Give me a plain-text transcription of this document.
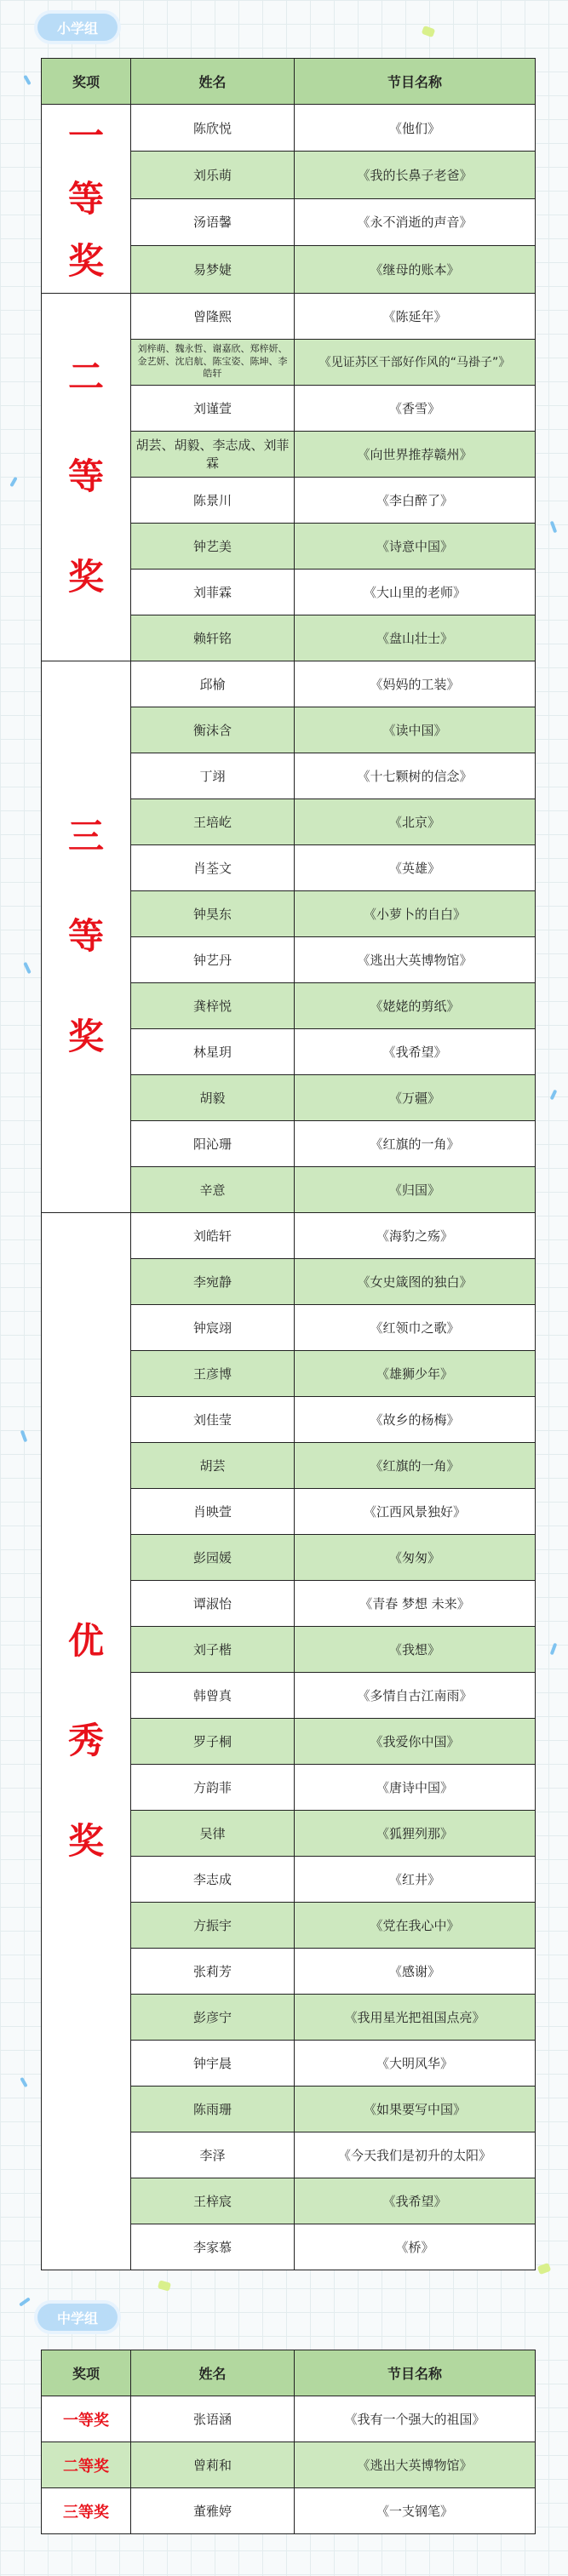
小学组
奖项	姓名	节目名称

一
等
奖	陈欣悦	《他们》
	刘乐萌	《我的长鼻子老爸》
	汤语馨	《永不消逝的声音》
	易梦婕	《继母的账本》

二
等
奖	曾隆熙	《陈延年》
	刘梓萌、魏永哲、谢嘉欣、郑梓妍、金艺妍、沈启航、陈宝姿、陈坤、李皓轩	《见证苏区干部好作风的“马褂子”》
	刘谨萱	《香雪》
	胡芸、胡毅、李志成、刘菲霖	《向世界推荐赣州》
	陈景川	《李白醉了》
	钟艺美	《诗意中国》
	刘菲霖	《大山里的老师》
	赖轩铭	《盘山壮士》

三
等
奖	邱榆	《妈妈的工装》
	衡沫含	《读中国》
	丁翊	《十七颗树的信念》
	王培屹	《北京》
	肖荃文	《英雄》
	钟昊东	《小萝卜的自白》
	钟艺丹	《逃出大英博物馆》
	龚梓悦	《姥姥的剪纸》
	林星玥	《我希望》
	胡毅	《万疆》
	阳沁珊	《红旗的一角》
	辛意	《归国》

优
秀
奖	刘皓轩	《海豹之殇》
	李宛静	《女史箴图的独白》
	钟宸翊	《红领巾之歌》
	王彦博	《雄狮少年》
	刘佳莹	《故乡的杨梅》
	胡芸	《红旗的一角》
	肖映萱	《江西风景独好》
	彭园媛	《匆匆》
	谭淑怡	《青春 梦想 未来》
	刘子楷	《我想》
	韩曾真	《多情自古江南雨》
	罗子桐	《我爱你中国》
	方韵菲	《唐诗中国》
	吴律	《狐狸列那》
	李志成	《红井》
	方振宇	《党在我心中》
	张莉芳	《感谢》
	彭彦宁	《我用星光把祖国点亮》
	钟宇晨	《大明风华》
	陈雨珊	《如果要写中国》
	李泽	《今天我们是初升的太阳》
	王梓宸	《我希望》
	李家慕	《桥》
中学组
奖项	姓名	节目名称
一等奖	张语涵	《我有一个强大的祖国》
二等奖	曾莉和	《逃出大英博物馆》
三等奖	董雅婷	《一支钢笔》
